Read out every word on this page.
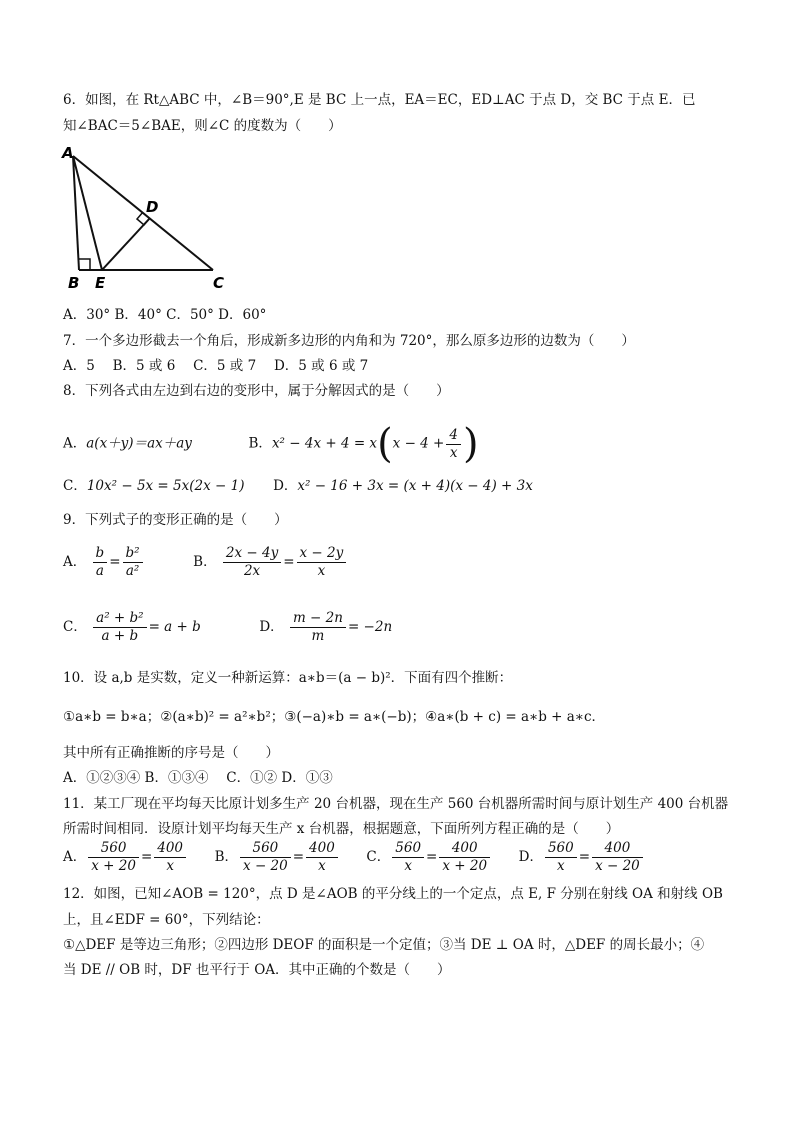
6．如图，在 Rt△ABC 中，∠B＝90°,E 是 BC 上一点，EA＝EC，ED⊥AC 于点 D，交 BC 于点 E．已
知∠BAC＝5∠BAE，则∠C 的度数为（　　）
A
B E
D
C
A．30° B．40° C．50° D．60°
7．一个多边形截去一个角后，形成新多边形的内角和为 720°，那么原多边形的边数为（　　）
A．5　 B．5 或 6　 C．5 或 7　 D．5 或 6 或 7
8．下列各式由左边到右边的变形中，属于分解因式的是（　　）
A．a(x＋y)＝ax＋ay	B．$x^2 - 4x + 4 = x(x - 4 + \frac{4}{x}$ )
C．10x² − 5x = 5x(2x − 1) D．x² − 16 + 3x = (x + 4)(x − 4) + 3x
9．下列式子的变形正确的是（　　）
A． $\frac{b}{a} = \frac{\text{b²}}{\text{a²}}$	B． $\frac{2x - 4y}{2x} = \frac{x - 2y}{x}$
C． $\frac{\text{a² + b²}}{a + b} = a + b$	D． $\frac{m - 2n}{m} = -2n$
10．设 a,b 是实数，定义一种新运算：a∗b＝(a − b)²．下面有四个推断：
①a∗b = b∗a；②(a∗b)² = a²∗b²；③(−a)∗b = a∗(−b)；④a∗(b + c) = a∗b + a∗c．
其中所有正确推断的序号是（　　）
A．①②③④ B．①③④　 C．①② D．①③
11．某工厂现在平均每天比原计划多生产 20 台机器，现在生产 560 台机器所需时间与原计划生产 400 台机器
所需时间相同．设原计划平均每天生产 x 台机器，根据题意，下面所列方程正确的是（　　）
A． $\frac{560}{x + 20} = \frac{400}{x}$ B． $\frac{560}{x - 20} = \frac{400}{x}$ C． $\frac{560}{x} = \frac{400}{x + 20}$ D． $\frac{560}{x} = \frac{400}{x - 20}$
12．如图，已知∠AOB = 120°，点 D 是∠AOB 的平分线上的一个定点，点 E, F 分别在射线 OA 和射线 OB
上，且∠EDF = 60°，下列结论：
①△DEF 是等边三角形；②四边形 DEOF 的面积是一个定值；③当 DE ⊥ OA 时，△DEF 的周长最小；④
当 DE // OB 时，DF 也平行于 OA．其中正确的个数是（　　）
